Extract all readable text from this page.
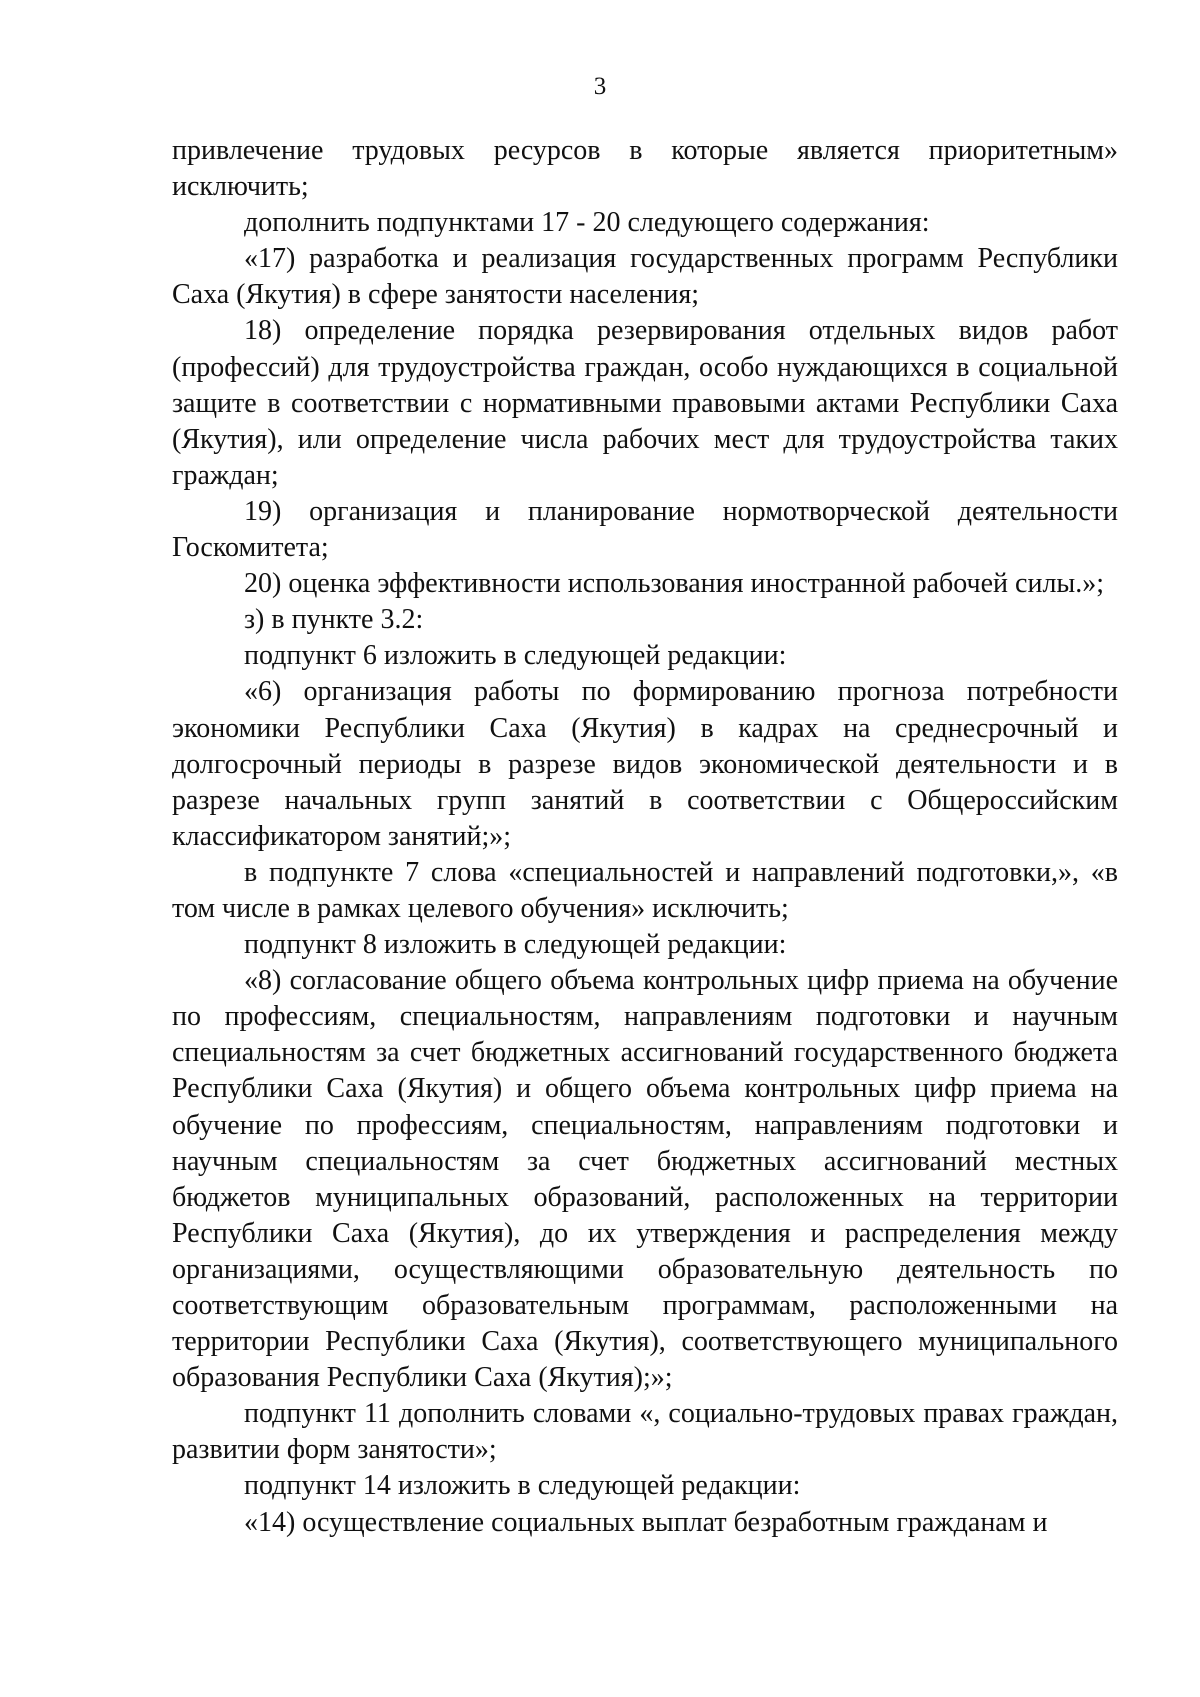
3

привлечение трудовых ресурсов в которые является приоритетным» исключить;

дополнить подпунктами 17 - 20 следующего содержания:

«17) разработка и реализация государственных программ Республики Саха (Якутия) в сфере занятости населения;

18) определение порядка резервирования отдельных видов работ (профессий) для трудоустройства граждан, особо нуждающихся в социальной защите в соответствии с нормативными правовыми актами Республики Саха (Якутия), или определение числа рабочих мест для трудоустройства таких граждан;

19) организация и планирование нормотворческой деятельности Госкомитета;

20) оценка эффективности использования иностранной рабочей силы.»;

з) в пункте 3.2:

подпункт 6 изложить в следующей редакции:

«6) организация работы по формированию прогноза потребности экономики Республики Саха (Якутия) в кадрах на среднесрочный и долгосрочный периоды в разрезе видов экономической деятельности и в разрезе начальных групп занятий в соответствии с Общероссийским классификатором занятий;»;

в подпункте 7 слова «специальностей и направлений подготовки,», «в том числе в рамках целевого обучения» исключить;

подпункт 8 изложить в следующей редакции:

«8) согласование общего объема контрольных цифр приема на обучение по профессиям, специальностям, направлениям подготовки и научным специальностям за счет бюджетных ассигнований государственного бюджета Республики Саха (Якутия) и общего объема контрольных цифр приема на обучение по профессиям, специальностям, направлениям подготовки и научным специальностям за счет бюджетных ассигнований местных бюджетов муниципальных образований, расположенных на территории Республики Саха (Якутия), до их утверждения и распределения между организациями, осуществляющими образовательную деятельность по соответствующим образовательным программам, расположенными на территории Республики Саха (Якутия), соответствующего муниципального образования Республики Саха (Якутия);»;

подпункт 11 дополнить словами «, социально-трудовых правах граждан, развитии форм занятости»;

подпункт 14 изложить в следующей редакции:

«14) осуществление социальных выплат безработным гражданам и
